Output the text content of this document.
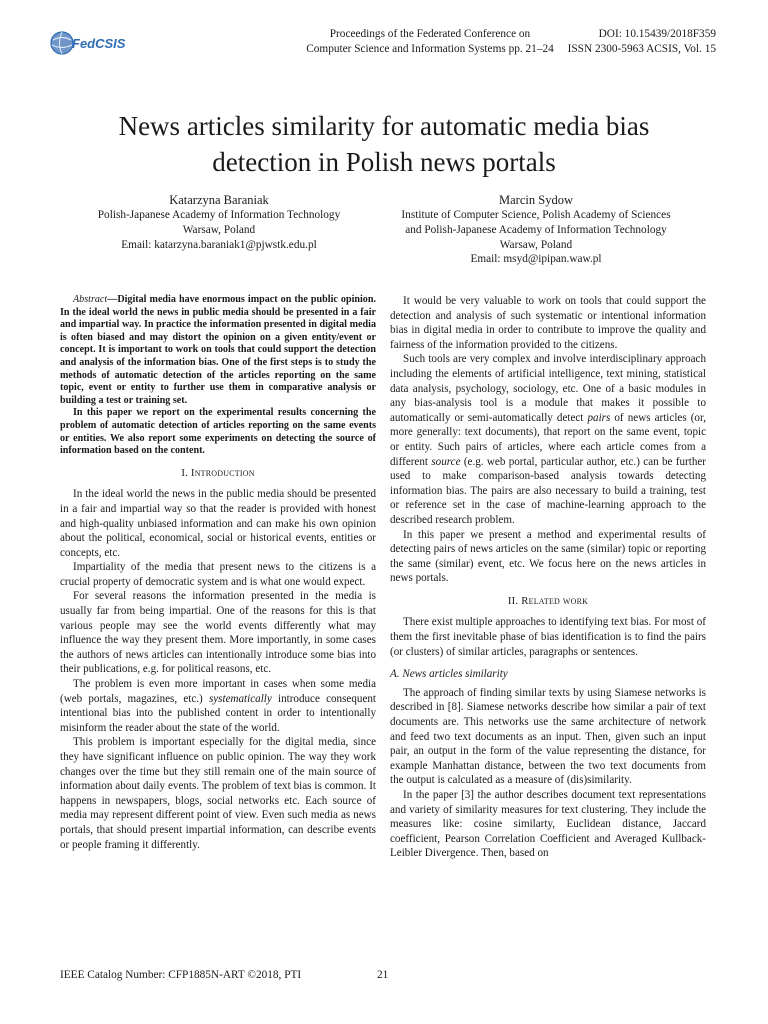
FedCSIS
Proceedings of the Federated Conference on
Computer Science and Information Systems pp. 21–24
DOI: 10.15439/2018F359
ISSN 2300-5963 ACSIS, Vol. 15
News articles similarity for automatic media bias
detection in Polish news portals
Katarzyna Baraniak
Polish-Japanese Academy of Information Technology
Warsaw, Poland
Email: katarzyna.baraniak1@pjwstk.edu.pl
Marcin Sydow
Institute of Computer Science, Polish Academy of Sciences
and Polish-Japanese Academy of Information Technology
Warsaw, Poland
Email: msyd@ipipan.waw.pl

Abstract—Digital media have enormous impact on the public opinion. In the ideal world the news in public media should be presented in a fair and impartial way. In practice the information presented in digital media is often biased and may distort the opinion on a given entity/event or concept. It is important to work on tools that could support the detection and analysis of the information bias. One of the first steps is to study the methods of automatic detection of the articles reporting on the same topic, event or entity to further use them in comparative analysis or building a test or training set.

In this paper we report on the experimental results concerning the problem of automatic detection of articles reporting on the same events or entities. We also report some experiments on detecting the source of information based on the content.

I. Introduction

In the ideal world the news in the public media should be presented in a fair and impartial way so that the reader is provided with honest and high-quality unbiased information and can make his own opinion about the political, economical, social or historical events, entities or concepts, etc.

Impartiality of the media that present news to the citizens is a crucial property of democratic system and is what one would expect.

For several reasons the information presented in the media is usually far from being impartial. One of the reasons for this is that various people may see the world events differently what may influence the way they present them. More importantly, in some cases the authors of news articles can intentionally introduce some bias into their publications, e.g. for political reasons, etc.

The problem is even more important in cases when some media (web portals, magazines, etc.) systematically introduce consequent intentional bias into the published content in order to intentionally misinform the reader about the state of the world.

This problem is important especially for the digital media, since they have significant influence on public opinion. The way they work changes over the time but they still remain one of the main source of information about daily events. The problem of text bias is common. It happens in newspapers, blogs, social networks etc. Each source of media may represent different point of view. Even such media as news portals, that should present impartial information, can describe events or people framing it differently.

It would be very valuable to work on tools that could support the detection and analysis of such systematic or intentional information bias in digital media in order to contribute to improve the quality and fairness of the information provided to the citizens.

Such tools are very complex and involve interdisciplinary approach including the elements of artificial intelligence, text mining, statistical data analysis, psychology, sociology, etc. One of a basic modules in any bias-analysis tool is a module that makes it possible to automatically or semi-automatically detect pairs of news articles (or, more generally: text documents), that report on the same event, topic or entity. Such pairs of articles, where each article comes from a different source (e.g. web portal, particular author, etc.) can be further used to make comparison-based analysis towards detecting information bias. The pairs are also necessary to build a training, test or reference set in the case of machine-learning approach to the described research problem.

In this paper we present a method and experimental results of detecting pairs of news articles on the same (similar) topic or reporting the same (similar) event, etc. We focus here on the news articles in news portals.

II. Related work

There exist multiple approaches to identifying text bias. For most of them the first inevitable phase of bias identification is to find the pairs (or clusters) of similar articles, paragraphs or sentences.

A. News articles similarity

The approach of finding similar texts by using Siamese networks is described in [8]. Siamese networks describe how similar a pair of text documents are. This networks use the same architecture of network and feed two text documents as an input. Then, given such an input pair, an output in the form of the value representing the distance, for example Manhattan distance, between the two text documents from the output is calculated as a measure of (dis)similarity.

In the paper [3] the author describes document text representations and variety of similarity measures for text clustering. They include the measures like: cosine similarty, Euclidean distance, Jaccard coefficient, Pearson Correlation Coefficient and Averaged Kullback-Leibler Divergence. Then, based on

IEEE Catalog Number: CFP1885N-ART ©2018, PTI	21
